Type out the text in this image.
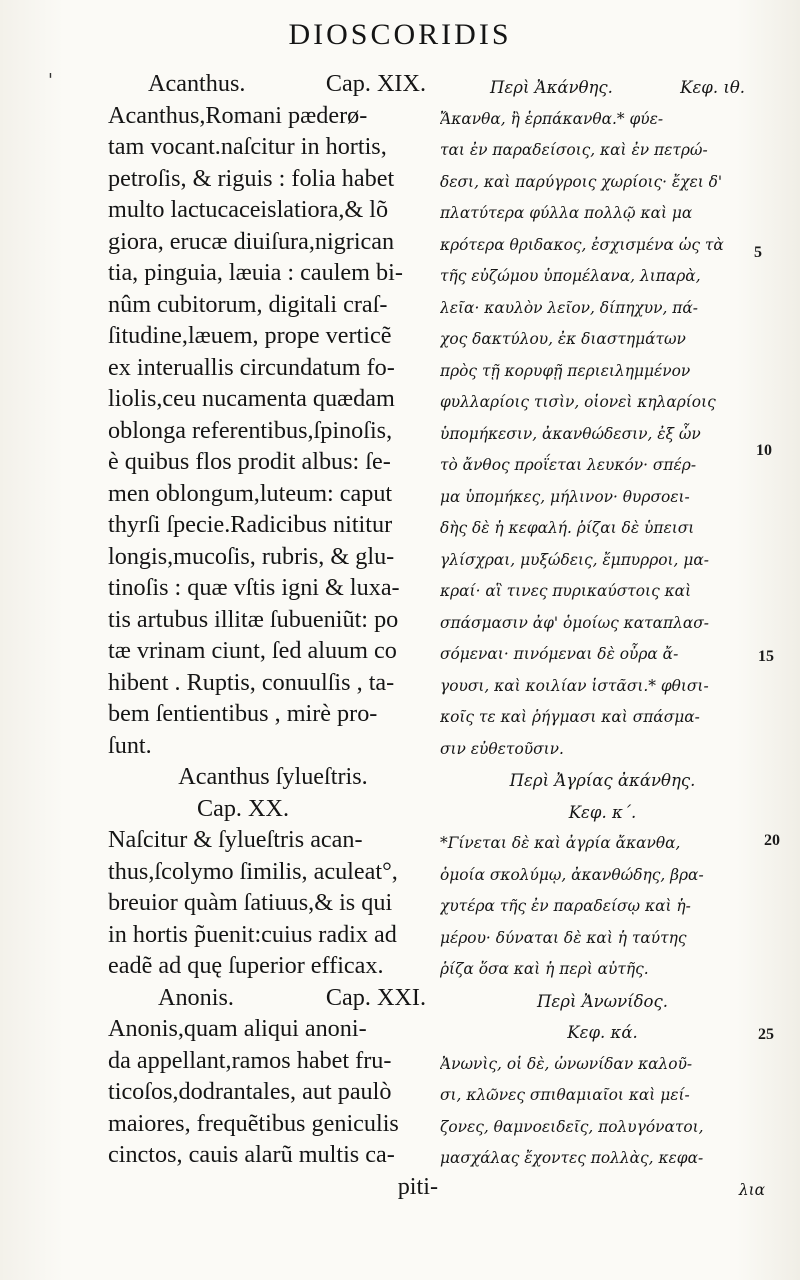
DIOSCORIDIS
'	Acanthus.	Cap. XIX.
Acanthus,Romani pæderø-
tam vocant.naſcitur in hortis,
petroſis, & riguis : folia habet
multo lactucaceislatiora,& lõ
giora, erucæ diuiſura,nigrican
tia, pinguia, læuia : caulem bi-
nûm cubitorum, digitali craſ-
ſitudine,læuem, prope verticẽ
ex interuallis circundatum fo-
liolis,ceu nucamenta quædam
oblonga referentibus,ſpinoſis,
è quibus flos prodit albus: ſe-
men oblongum,luteum: caput
thyrſi ſpecie.Radicibus nititur
longis,mucoſis, rubris, & glu-
tinoſis : quæ vſtis igni & luxa-
tis artubus illitæ ſubueniũt: po
tæ vrinam ciunt, ſed aluum co
hibent . Ruptis, conuulſis , ta-
bem ſentientibus , mirè pro-
ſunt.
Acanthus ſylueſtris.
Cap. XX.
Naſcitur & ſylueſtris acan-
thus,ſcolymo ſimilis, aculeat°,
breuior quàm ſatiuus,& is qui
in hortis p̃uenit:cuius radix ad
eadẽ ad quę ſuperior efficax.
Anonis.	Cap. XXI.
Anonis,quam aliqui anoni-
da appellant,ramos habet fru-
ticoſos,dodrantales, aut paulò
maiores, frequẽtibus geniculis
cinctos, cauis alarũ multis ca-
piti-
Περὶ Ἀκάνθης.	Κεφ. ιθ.
Ἄκανθα, ἢ ἑρπάκανθα.* φύε-
ται ἐν παραδείσοις, καὶ ἐν πετρώ-
δεσι, καὶ παρύγροις χωρίοις· ἔχει δ'
πλατύτερα φύλλα πολλῷ καὶ μα
κρότερα θριδακος, ἐσχισμένα ὡς τὰ
τῆς εὐζώμου ὑπομέλανα, λιπαρὰ,
λεῖα· καυλὸν λεῖον, δίπηχυν, πά-
χος δακτύλου, ἐκ διαστημάτων
πρὸς τῇ κορυφῇ περιειλημμένον
φυλλαρίοις τισὶν, οἱονεὶ κηλαρίοις
ὑπομήκεσιν, ἀκανθώδεσιν, ἐξ ὧν
τὸ ἄνθος προΐεται λευκόν· σπέρ-
μα ὑπομήκες, μήλινον· θυρσοει-
δὴς δὲ ἡ κεφαλή. ῥίζαι δὲ ὑπεισι
γλίσχραι, μυξώδεις, ἔμπυρροι, μα-
κραί· αἳ τινες πυρικαύστοις καὶ
σπάσμασιν ἀφ' ὁμοίως καταπλασ-
σόμεναι· πινόμεναι δὲ οὖρα ἄ-
γουσι, καὶ κοιλίαν ἱστᾶσι.* φθισι-
κοῖς τε καὶ ῥήγμασι καὶ σπάσμα-
σιν εὐθετοῦσιν.
Περὶ Ἀγρίας ἀκάνθης.
Κεφ. κ΄.
*Γίνεται δὲ καὶ ἀγρία ἄκανθα,
ὁμοία σκολύμῳ, ἀκανθώδης, βρα-
χυτέρα τῆς ἐν παραδείσῳ καὶ ἡ-
μέρου· δύναται δὲ καὶ ἡ ταύτης
ῥίζα ὅσα καὶ ἡ περὶ αὐτῆς.
Περὶ Ἀνωνίδος.
Κεφ. κά.
Ἀνωνὶς, οἱ δὲ, ὠνωνίδαν καλοῦ-
σι, κλῶνες σπιθαμιαῖοι καὶ μεί-
ζονες, θαμνοειδεῖς, πολυγόνατοι,
μασχάλας ἔχοντες πολλὰς, κεφα-
λια
5
10
15
20
25
